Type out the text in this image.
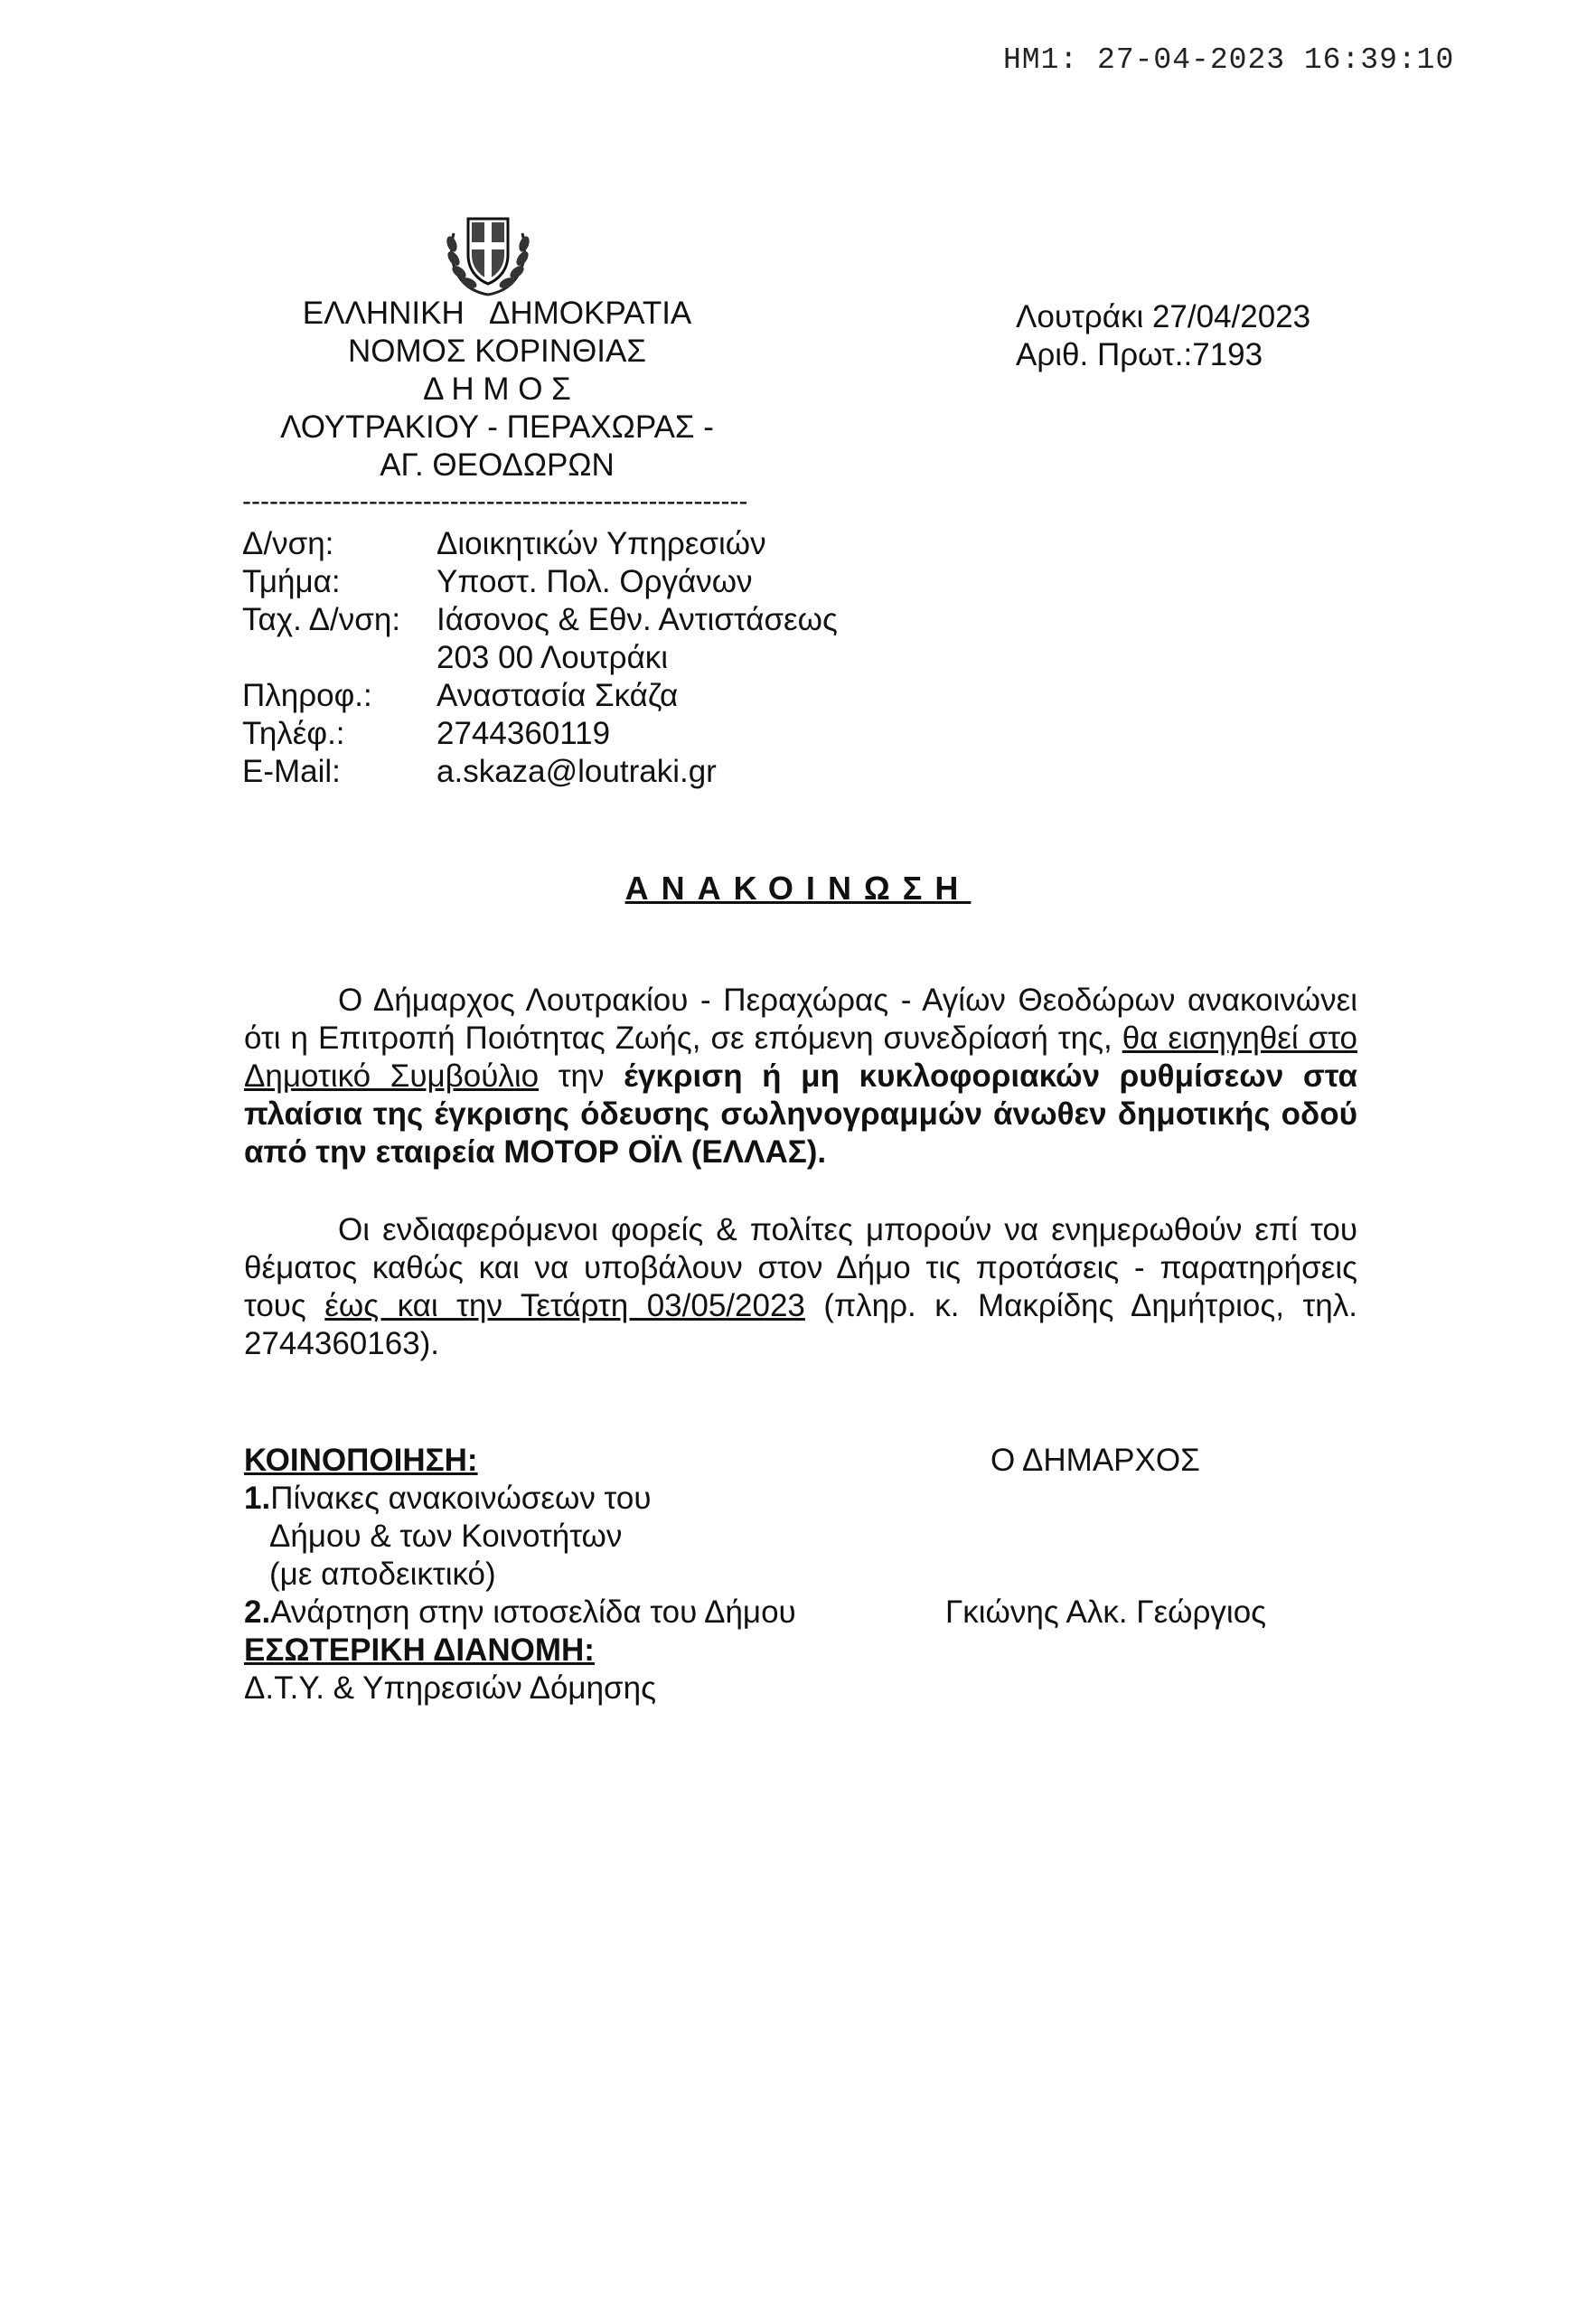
HM1: 27-04-2023 16:39:10
ΕΛΛΗΝΙΚΗ   ΔΗΜΟΚΡΑΤΙΑ
ΝΟΜΟΣ ΚΟΡΙΝΘΙΑΣ
Δ Η Μ Ο Σ
ΛΟΥΤΡΑΚΙΟΥ - ΠΕΡΑΧΩΡΑΣ -
ΑΓ. ΘΕΟΔΩΡΩΝ
--------------------------------------------------------
Λουτράκι 27/04/2023
Αριθ. Πρωτ.:7193
Δ/νση:	Διοικητικών Υπηρεσιών
Τμήμα:	Υποστ. Πολ. Οργάνων
Ταχ. Δ/νση:	Ιάσονος & Εθν. Αντιστάσεως
203 00 Λουτράκι
Πληροφ.:	Αναστασία Σκάζα
Τηλέφ.:	2744360119
E-Mail:	a.skaza@loutraki.gr
ΑΝΑΚΟΙΝΩΣΗ
Ο Δήμαρχος Λουτρακίου - Περαχώρας - Αγίων Θεοδώρων ανακοινώνει ότι η Επιτροπή Ποιότητας Ζωής, σε επόμενη συνεδρίασή της, θα εισηγηθεί στο Δημοτικό Συμβούλιο την έγκριση ή μη κυκλοφοριακών ρυθμίσεων στα πλαίσια της έγκρισης όδευσης σωληνογραμμών άνωθεν δημοτικής οδού από την εταιρεία ΜΟΤΟΡ ΟΪΛ (ΕΛΛΑΣ).
Οι ενδιαφερόμενοι φορείς & πολίτες μπορούν να ενημερωθούν επί του θέματος καθώς και να υποβάλουν στον Δήμο τις προτάσεις - παρατηρήσεις τους έως και την Τετάρτη 03/05/2023 (πληρ. κ. Μακρίδης Δημήτριος, τηλ. 2744360163).
ΚΟΙΝΟΠΟΙΗΣΗ:
1.Πίνακες ανακοινώσεων του
Δήμου & των Κοινοτήτων
(με αποδεικτικό)
2.Ανάρτηση στην ιστοσελίδα του Δήμου
ΕΣΩΤΕΡΙΚΗ ΔΙΑΝΟΜΗ:
Δ.Τ.Υ. & Υπηρεσιών Δόμησης
Ο ΔΗΜΑΡΧΟΣ
Γκιώνης Αλκ. Γεώργιος
